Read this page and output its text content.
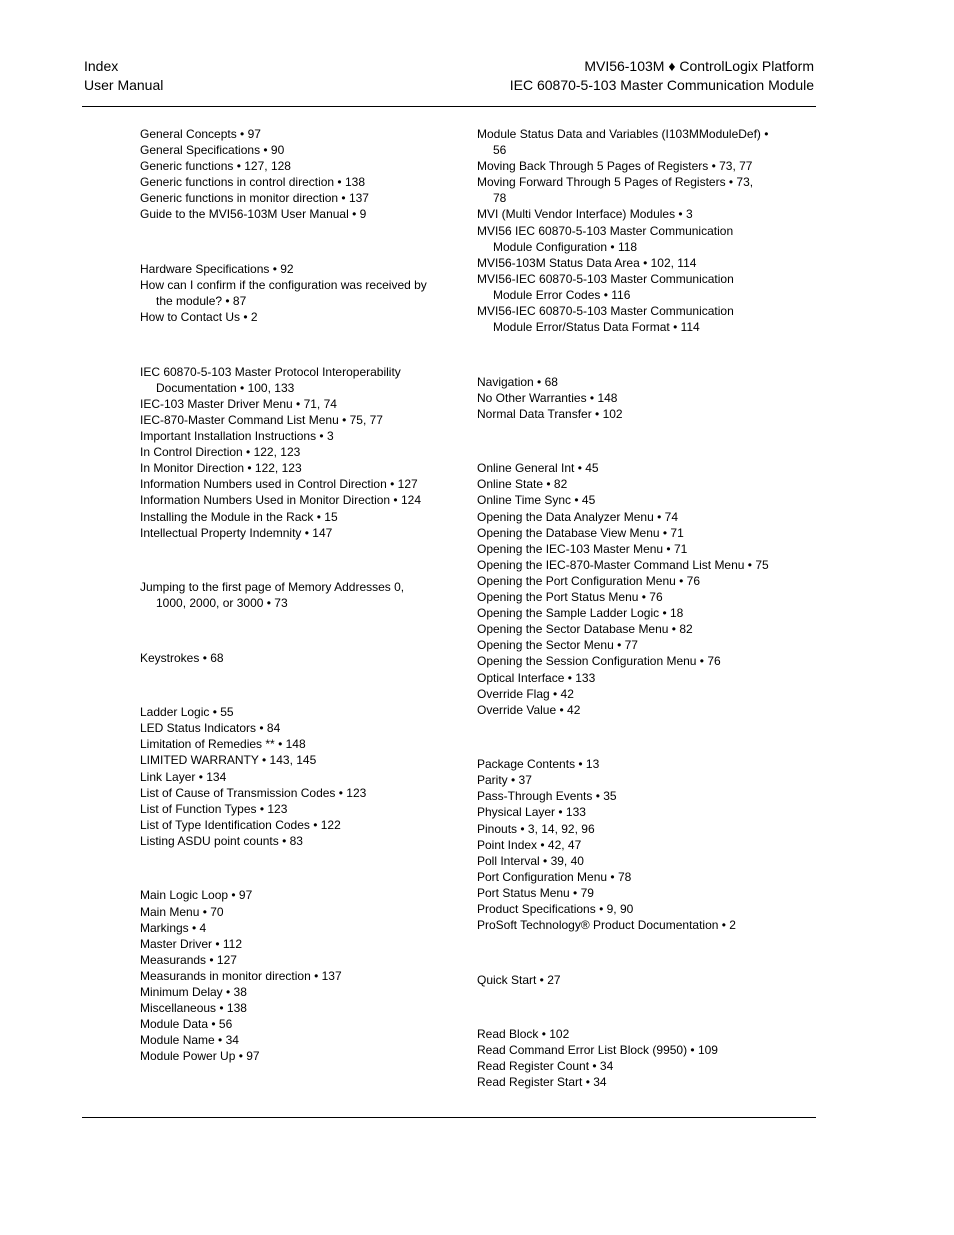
Index
User Manual
MVI56-103M ♦ ControlLogix Platform
IEC 60870-5-103 Master Communication Module
General Concepts • 97
General Specifications • 90
Generic functions • 127, 128
Generic functions in control direction • 138
Generic functions in monitor direction • 137
Guide to the MVI56-103M User Manual • 9
Hardware Specifications • 92
How can I confirm if the configuration was received by
the module? • 87
How to Contact Us • 2
IEC 60870-5-103 Master Protocol Interoperability
Documentation • 100, 133
IEC-103 Master Driver Menu • 71, 74
IEC-870-Master Command List Menu • 75, 77
Important Installation Instructions • 3
In Control Direction • 122, 123
In Monitor Direction • 122, 123
Information Numbers used in Control Direction • 127
Information Numbers Used in Monitor Direction • 124
Installing the Module in the Rack • 15
Intellectual Property Indemnity • 147
Jumping to the first page of Memory Addresses 0,
1000, 2000, or 3000 • 73
Keystrokes • 68
Ladder Logic • 55
LED Status Indicators • 84
Limitation of Remedies ** • 148
LIMITED WARRANTY • 143, 145
Link Layer • 134
List of Cause of Transmission Codes • 123
List of Function Types • 123
List of Type Identification Codes • 122
Listing ASDU point counts • 83
Main Logic Loop • 97
Main Menu • 70
Markings • 4
Master Driver • 112
Measurands • 127
Measurands in monitor direction • 137
Minimum Delay • 38
Miscellaneous • 138
Module Data • 56
Module Name • 34
Module Power Up • 97
Module Status Data and Variables (I103MModuleDef) •
56
Moving Back Through 5 Pages of Registers • 73, 77
Moving Forward Through 5 Pages of Registers • 73,
78
MVI (Multi Vendor Interface) Modules • 3
MVI56 IEC 60870-5-103 Master Communication
Module Configuration • 118
MVI56-103M Status Data Area • 102, 114
MVI56-IEC 60870-5-103 Master Communication
Module Error Codes • 116
MVI56-IEC 60870-5-103 Master Communication
Module Error/Status Data Format • 114
Navigation • 68
No Other Warranties • 148
Normal Data Transfer • 102
Online General Int • 45
Online State • 82
Online Time Sync • 45
Opening the Data Analyzer Menu • 74
Opening the Database View Menu • 71
Opening the IEC-103 Master Menu • 71
Opening the IEC-870-Master Command List Menu • 75
Opening the Port Configuration Menu • 76
Opening the Port Status Menu • 76
Opening the Sample Ladder Logic • 18
Opening the Sector Database Menu • 82
Opening the Sector Menu • 77
Opening the Session Configuration Menu • 76
Optical Interface • 133
Override Flag • 42
Override Value • 42
Package Contents • 13
Parity • 37
Pass-Through Events • 35
Physical Layer • 133
Pinouts • 3, 14, 92, 96
Point Index • 42, 47
Poll Interval • 39, 40
Port Configuration Menu • 78
Port Status Menu • 79
Product Specifications • 9, 90
ProSoft Technology® Product Documentation • 2
Quick Start • 27
Read Block • 102
Read Command Error List Block (9950) • 109
Read Register Count • 34
Read Register Start • 34
